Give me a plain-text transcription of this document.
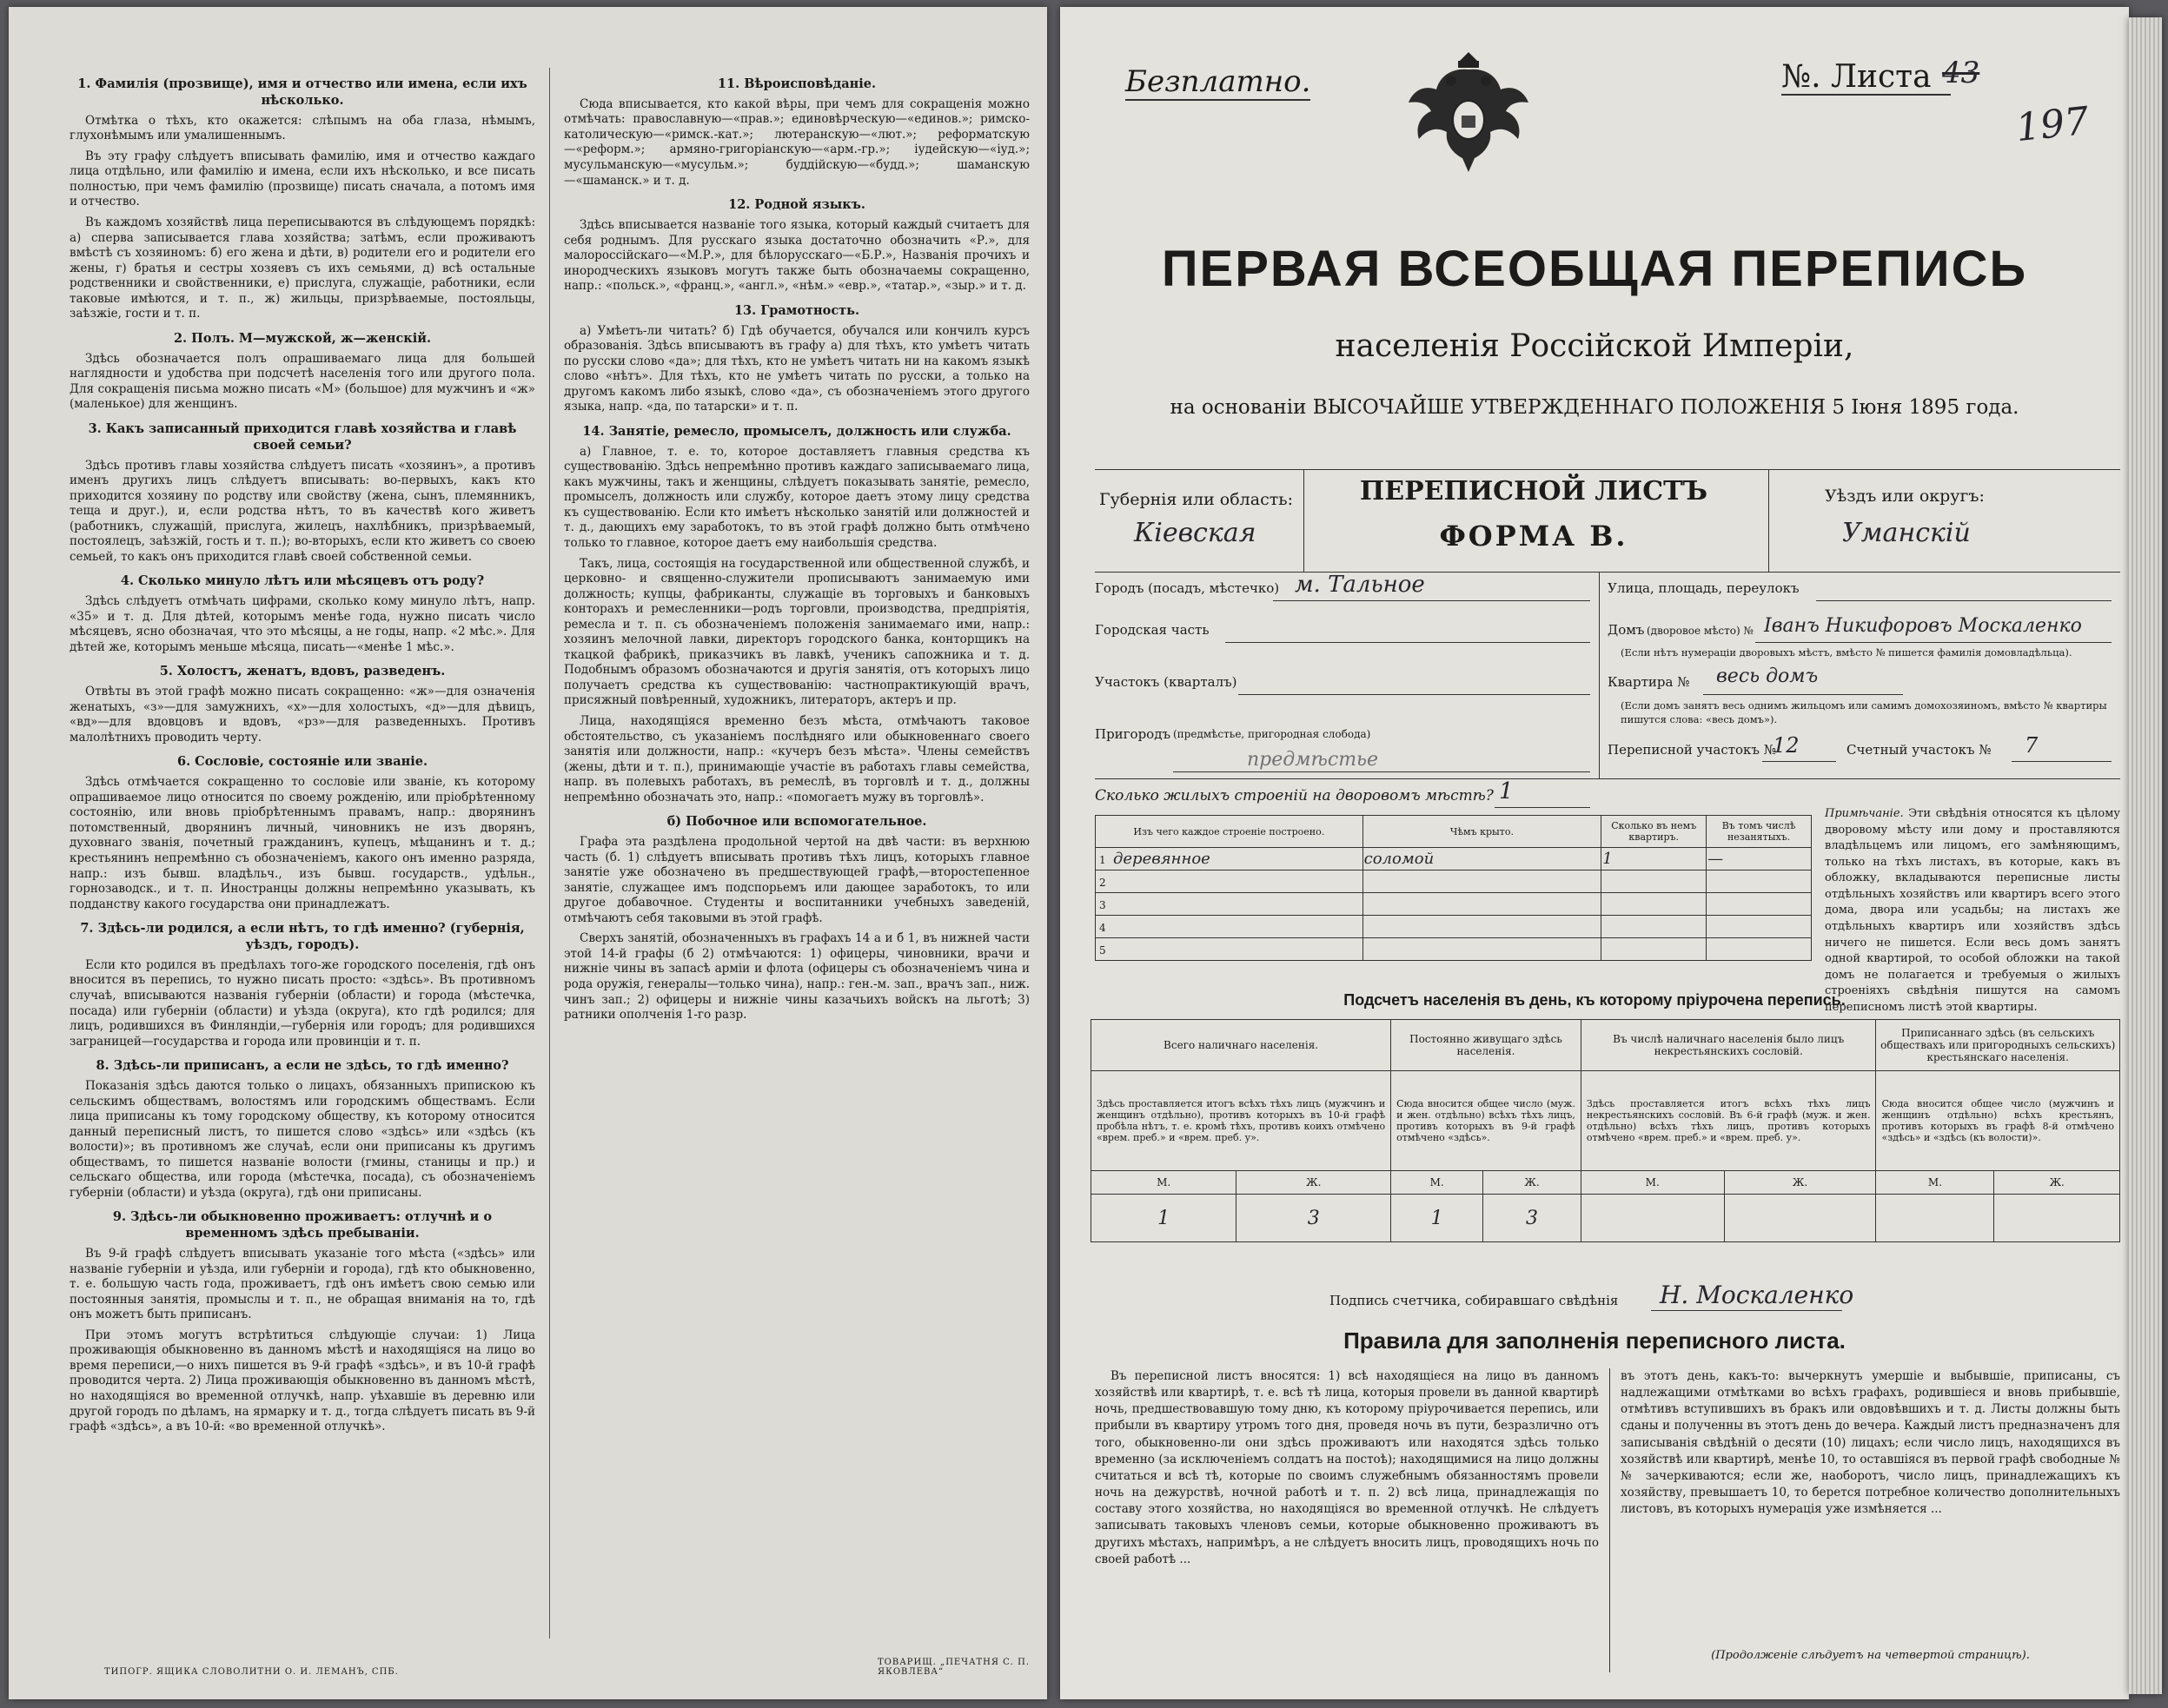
1. Фамилія (прозвище), имя и отчество или имена, если ихъ нѣсколько.

Отмѣтка о тѣхъ, кто окажется: слѣпымъ на оба глаза, нѣмымъ, глухонѣмымъ или умалишеннымъ.

Въ эту графу слѣдуетъ вписывать фамилію, имя и отчество каждаго лица отдѣльно, или фамилію и имена, если ихъ нѣсколько, и все писать полностью, при чемъ фамилію (прозвище) писать сначала, а потомъ имя и отчество.

Въ каждомъ хозяйствѣ лица переписываются въ слѣдующемъ порядкѣ: а) сперва записывается глава хозяйства; затѣмъ, если проживаютъ вмѣстѣ съ хозяиномъ: б) его жена и дѣти, в) родители его и родители его жены, г) братья и сестры хозяевъ съ ихъ семьями, д) всѣ остальные родственники и свойственники, е) прислуга, служащіе, работники, если таковые имѣются, и т. п., ж) жильцы, призрѣваемые, постояльцы, заѣзжіе, гости и т. п.

2. Полъ. М—мужской, ж—женскій.

Здѣсь обозначается полъ опрашиваемаго лица для большей наглядности и удобства при подсчетѣ населенія того или другого пола. Для сокращенія письма можно писать «М» (большое) для мужчинъ и «ж» (маленькое) для женщинъ.

3. Какъ записанный приходится главѣ хозяйства и главѣ своей семьи?

Здѣсь противъ главы хозяйства слѣдуетъ писать «хозяинъ», а противъ именъ другихъ лицъ слѣдуетъ вписывать: во-первыхъ, какъ кто приходится хозяину по родству или свойству (жена, сынъ, племянникъ, теща и друг.), и, если родства нѣтъ, то въ качествѣ кого живетъ (работникъ, служащій, прислуга, жилецъ, нахлѣбникъ, призрѣваемый, постоялецъ, заѣзжій, гость и т. п.); во-вторыхъ, если кто живетъ со своею семьей, то какъ онъ приходится главѣ своей собственной семьи.

4. Сколько минуло лѣтъ или мѣсяцевъ отъ роду?

Здѣсь слѣдуетъ отмѣчать цифрами, сколько кому минуло лѣтъ, напр. «35» и т. д. Для дѣтей, которымъ менѣе года, нужно писать число мѣсяцевъ, ясно обозначая, что это мѣсяцы, а не годы, напр. «2 мѣс.». Для дѣтей же, которымъ меньше мѣсяца, писать—«менѣе 1 мѣс.».

5. Холостъ, женатъ, вдовъ, разведенъ.

Отвѣты въ этой графѣ можно писать сокращенно: «ж»—для означенія женатыхъ, «з»—для замужнихъ, «х»—для холостыхъ, «д»—для дѣвицъ, «вд»—для вдовцовъ и вдовъ, «рз»—для разведенныхъ. Противъ малолѣтнихъ проводить черту.

6. Сословіе, состояніе или званіе.

Здѣсь отмѣчается сокращенно то сословіе или званіе, къ которому опрашиваемое лицо относится по своему рожденію, или пріобрѣтенному состоянію, или вновь пріобрѣтеннымъ правамъ, напр.: дворянинъ потомственный, дворянинъ личный, чиновникъ не изъ дворянъ, духовнаго званія, почетный гражданинъ, купецъ, мѣщанинъ и т. д.; крестьянинъ непремѣнно съ обозначеніемъ, какого онъ именно разряда, напр.: изъ бывш. владѣльч., изъ бывш. государств., удѣльн., горнозаводск., и т. п. Иностранцы должны непремѣнно указывать, къ подданству какого государства они принадлежатъ.

7. Здѣсь-ли родился, а если нѣтъ, то гдѣ именно? (губернія, уѣздъ, городъ).

Если кто родился въ предѣлахъ того-же городского поселенія, гдѣ онъ вносится въ перепись, то нужно писать просто: «здѣсь». Въ противномъ случаѣ, вписываются названія губерніи (области) и города (мѣстечка, посада) или губерніи (области) и уѣзда (округа), кто гдѣ родился; для лицъ, родившихся въ Финляндіи,—губернія или городъ; для родившихся заграницей—государства и города или провинціи и т. п.

8. Здѣсь-ли приписанъ, а если не здѣсь, то гдѣ именно?

Показанія здѣсь даются только о лицахъ, обязанныхъ припискою къ сельскимъ обществамъ, волостямъ или городскимъ обществамъ. Если лица приписаны къ тому городскому обществу, къ которому относится данный переписный листъ, то пишется слово «здѣсь» или «здѣсь (къ волости)»; въ противномъ же случаѣ, если они приписаны къ другимъ обществамъ, то пишется названіе волости (гмины, станицы и пр.) и сельскаго общества, или города (мѣстечка, посада), съ обозначеніемъ губерніи (области) и уѣзда (округа), гдѣ они приписаны.

9. Здѣсь-ли обыкновенно проживаетъ: отлучнѣ и о временномъ здѣсь пребываніи.

Въ 9-й графѣ слѣдуетъ вписывать указаніе того мѣста («здѣсь» или названіе губерніи и уѣзда, или губерніи и города), гдѣ кто обыкновенно, т. е. большую часть года, проживаетъ, гдѣ онъ имѣетъ свою семью или постоянныя занятія, промыслы и т. п., не обращая вниманія на то, гдѣ онъ можетъ быть приписанъ.

При этомъ могутъ встрѣтиться слѣдующіе случаи: 1) Лица проживающія обыкновенно въ данномъ мѣстѣ и находящіяся на лицо во время переписи,—о нихъ пишется въ 9-й графѣ «здѣсь», и въ 10-й графѣ проводится черта. 2) Лица проживающія обыкновенно въ данномъ мѣстѣ, но находящіяся во временной отлучкѣ, напр. уѣхавшіе въ деревню или другой городъ по дѣламъ, на ярмарку и т. д., тогда слѣдуетъ писать въ 9-й графѣ «здѣсь», а въ 10-й: «во временной отлучкѣ».

11. Вѣроисповѣданіе.

Сюда вписывается, кто какой вѣры, при чемъ для сокращенія можно отмѣчать: православную—«прав.»; единовѣрческую—«единов.»; римско-католическую—«римск.-кат.»; лютеранскую—«лют.»; реформатскую—«реформ.»; армяно-григоріанскую—«арм.-гр.»; іудейскую—«іуд.»; мусульманскую—«мусульм.»; буддійскую—«будд.»; шаманскую—«шаманск.» и т. д.

12. Родной языкъ.

Здѣсь вписывается названіе того языка, который каждый считаетъ для себя роднымъ. Для русскаго языка достаточно обозначить «Р.», для малороссійскаго—«М.Р.», для бѣлорусскаго—«Б.Р.», Названія прочихъ и инородческихъ языковъ могутъ также быть обозначаемы сокращенно, напр.: «польск.», «франц.», «англ.», «нѣм.» «евр.», «татар.», «зыр.» и т. д.

13. Грамотность.

а) Умѣетъ-ли читать? б) Гдѣ обучается, обучался или кончилъ курсъ образованія. Здѣсь вписываютъ въ графу а) для тѣхъ, кто умѣетъ читать по русски слово «да»; для тѣхъ, кто не умѣетъ читать ни на какомъ языкѣ слово «нѣтъ». Для тѣхъ, кто не умѣетъ читать по русски, а только на другомъ какомъ либо языкѣ, слово «да», съ обозначеніемъ этого другого языка, напр. «да, по татарски» и т. п.

14. Занятіе, ремесло, промыселъ, должность или служба.

а) Главное, т. е. то, которое доставляетъ главныя средства къ существованію. Здѣсь непремѣнно противъ каждаго записываемаго лица, какъ мужчины, такъ и женщины, слѣдуетъ показывать занятіе, ремесло, промыселъ, должность или службу, которое даетъ этому лицу средства къ существованію. Если кто имѣетъ нѣсколько занятій или должностей и т. д., дающихъ ему заработокъ, то въ этой графѣ должно быть отмѣчено только то главное, которое даетъ ему наибольшія средства.

Такъ, лица, состоящія на государственной или общественной службѣ, и церковно- и священно-служители прописываютъ занимаемую ими должность; купцы, фабриканты, служащіе въ торговыхъ и банковыхъ конторахъ и ремесленники—родъ торговли, производства, предпріятія, ремесла и т. п. съ обозначеніемъ положенія занимаемаго ими, напр.: хозяинъ мелочной лавки, директоръ городского банка, конторщикъ на ткацкой фабрикѣ, приказчикъ въ лавкѣ, ученикъ сапожника и т. д. Подобнымъ образомъ обозначаются и другія занятія, отъ которыхъ лицо получаетъ средства къ существованію: частнопрактикующій врачъ, присяжный повѣренный, художникъ, литераторъ, актеръ и пр.

Лица, находящіяся временно безъ мѣста, отмѣчаютъ таковое обстоятельство, съ указаніемъ послѣдняго или обыкновеннаго своего занятія или должности, напр.: «кучеръ безъ мѣста». Члены семействъ (жены, дѣти и т. п.), принимающіе участіе въ работахъ главы семейства, напр. въ полевыхъ работахъ, въ ремеслѣ, въ торговлѣ и т. д., должны непремѣнно обозначать это, напр.: «помогаетъ мужу въ торговлѣ».

б) Побочное или вспомогательное.

Графа эта раздѣлена продольной чертой на двѣ части: въ верхнюю часть (б. 1) слѣдуетъ вписывать противъ тѣхъ лицъ, которыхъ главное занятіе уже обозначено въ предшествующей графѣ,—второстепенное занятіе, служащее имъ подспорьемъ или дающее заработокъ, то или другое добавочное. Студенты и воспитанники учебныхъ заведеній, отмѣчаютъ себя таковыми въ этой графѣ.

Сверхъ занятій, обозначенныхъ въ графахъ 14 а и б 1, въ нижней части этой 14-й графы (б 2) отмѣчаются: 1) офицеры, чиновники, врачи и нижніе чины въ запасѣ арміи и флота (офицеры съ обозначеніемъ чина и рода оружія, генералы—только чина), напр.: ген.-м. зап., врачъ зап., ниж. чинъ зап.; 2) офицеры и нижніе чины казачьихъ войскъ на льготѣ; 3) ратники ополченія 1-го разр.

ТИПОГР. ЯЩИКА СЛОВОЛИТНИ О. И. ЛЕМАНЪ, СПБ.
ТОВАРИЩ. „ПЕЧАТНЯ С. П. ЯКОВЛЕВА“
Безплатно.	№. Листа 43
197
ПЕРВАЯ ВСЕОБЩАЯ ПЕРЕПИСЬ
населенія Россійской Имперіи,
на основаніи ВЫСОЧАЙШЕ УТВЕРЖДЕННАГО ПОЛОЖЕНІЯ 5 Іюня 1895 года.
Губернія или область:
Кіевская
ПЕРЕПИСНОЙ ЛИСТЪ
ФОРМА В.
Уѣздъ или округъ:
Уманскій
Городъ (посадъ, мѣстечко) м. Тальное
Городская часть
Участокъ (кварталъ)
Пригородъ (предмѣстье, пригородная слобода)
предмѣстье
Улица, площадь, переулокъ
Домъ (дворовое мѣсто) № Іванъ Никифоровъ Москаленко
(Если нѣтъ нумераціи дворовыхъ мѣстъ, вмѣсто № пишется фамилія домовладѣльца).
Квартира № весь домъ
(Если домъ занятъ весь однимъ жильцомъ или самимъ домохозяиномъ, вмѣсто № квартиры пишутся слова: «весь домъ»).
Переписной участокъ №
12	Счетный участокъ № 7
Сколько жилыхъ строеній на дворовомъ мѣстѣ? 1
Изъ чего каждое строеніе построено.	Чѣмъ крыто.	Сколько въ немъ квартиръ.	Въ томъ числѣ незанятыхъ.
1 деревянное	соломой	1	—
2			
3			
4			
5			
Примѣчаніе. Эти свѣдѣнія относятся къ цѣлому дворовому мѣсту или дому и проставляются владѣльцемъ или лицомъ, его замѣняющимъ, только на тѣхъ листахъ, въ которые, какъ въ обложку, вкладываются переписные листы отдѣльныхъ хозяйствъ или квартиръ всего этого дома, двора или усадьбы; на листахъ же отдѣльныхъ квартиръ или хозяйствъ здѣсь ничего не пишется. Если весь домъ занятъ одной квартирой, то особой обложки на такой домъ не полагается и требуемыя о жилыхъ строеніяхъ свѣдѣнія пишутся на самомъ переписномъ листѣ этой квартиры.
Подсчетъ населенія въ день, къ которому пріурочена перепись.
Всего наличнаго населенія.		Постоянно живущаго здѣсь населенія.		Въ числѣ наличнаго населенія было лицъ некрестьянскихъ сословій.		Приписаннаго здѣсь (въ сельскихъ обществахъ или пригородныхъ сельскихъ) крестьянскаго населенія.	
Здѣсь проставляется итогъ всѣхъ тѣхъ лицъ (мужчинъ и женщинъ отдѣльно), противъ которыхъ въ 10-й графѣ пробѣла нѣтъ, т. е. кромѣ тѣхъ, противъ коихъ отмѣчено «врем. преб.» и «врем. преб. у».		Сюда вносится общее число (муж. и жен. отдѣльно) всѣхъ тѣхъ лицъ, противъ которыхъ въ 9-й графѣ отмѣчено «здѣсь».		Здѣсь проставляется итогъ всѣхъ тѣхъ лицъ некрестьянскихъ сословій. Въ 6-й графѣ (муж. и жен. отдѣльно) всѣхъ тѣхъ лицъ, противъ которыхъ отмѣчено «врем. преб.» и «врем. преб. у».		Сюда вносится общее число (мужчинъ и женщинъ отдѣльно) всѣхъ крестьянъ, противъ которыхъ въ графѣ 8-й отмѣчено «здѣсь» и «здѣсь (къ волости)».	
М.	Ж.	М.	Ж.	М.	Ж.	М.	Ж.
1	3	1	3				
Подпись счетчика, собиравшаго свѣдѣнія Н. Москаленко
Правила для заполненія переписного листа.
Въ переписной листъ вносятся: 1) всѣ находящіеся на лицо въ данномъ хозяйствѣ или квартирѣ, т. е. всѣ тѣ лица, которыя провели въ данной квартирѣ ночь, предшествовавшую тому дню, къ которому пріурочивается перепись, или прибыли въ квартиру утромъ того дня, проведя ночь въ пути, безразлично отъ того, обыкновенно-ли они здѣсь проживаютъ или находятся здѣсь только временно (за исключеніемъ солдатъ на постоѣ); находящимися на лицо должны считаться и всѣ тѣ, которые по своимъ служебнымъ обязанностямъ провели ночь на дежурствѣ, ночной работѣ и т. п. 2) всѣ лица, принадлежащія по составу этого хозяйства, но находящіяся во временной отлучкѣ. Не слѣдуетъ записывать таковыхъ членовъ семьи, которые обыкновенно проживаютъ въ другихъ мѣстахъ, напримѣръ, а не слѣдуетъ вносить лицъ, проводящихъ ночь по своей работѣ ...
въ этотъ день, какъ-то: вычеркнутъ умершіе и выбывшіе, приписаны, съ надлежащими отмѣтками во всѣхъ графахъ, родившіеся и вновь прибывшіе, отмѣтивъ вступившихъ въ бракъ или овдовѣвшихъ и т. д. Листы должны быть сданы и полученны въ этотъ день до вечера. Каждый листъ предназначенъ для записыванія свѣдѣній о десяти (10) лицахъ; если число лицъ, находящихся въ хозяйствѣ или квартирѣ, менѣе 10, то оставшіяся въ первой графѣ свободные №№ зачеркиваются; если же, наоборотъ, число лицъ, принадлежащихъ къ хозяйству, превышаетъ 10, то берется потребное количество дополнительныхъ листовъ, въ которыхъ нумерація уже измѣняется ...
(Продолженіе слѣдуетъ на четвертой страницѣ).
